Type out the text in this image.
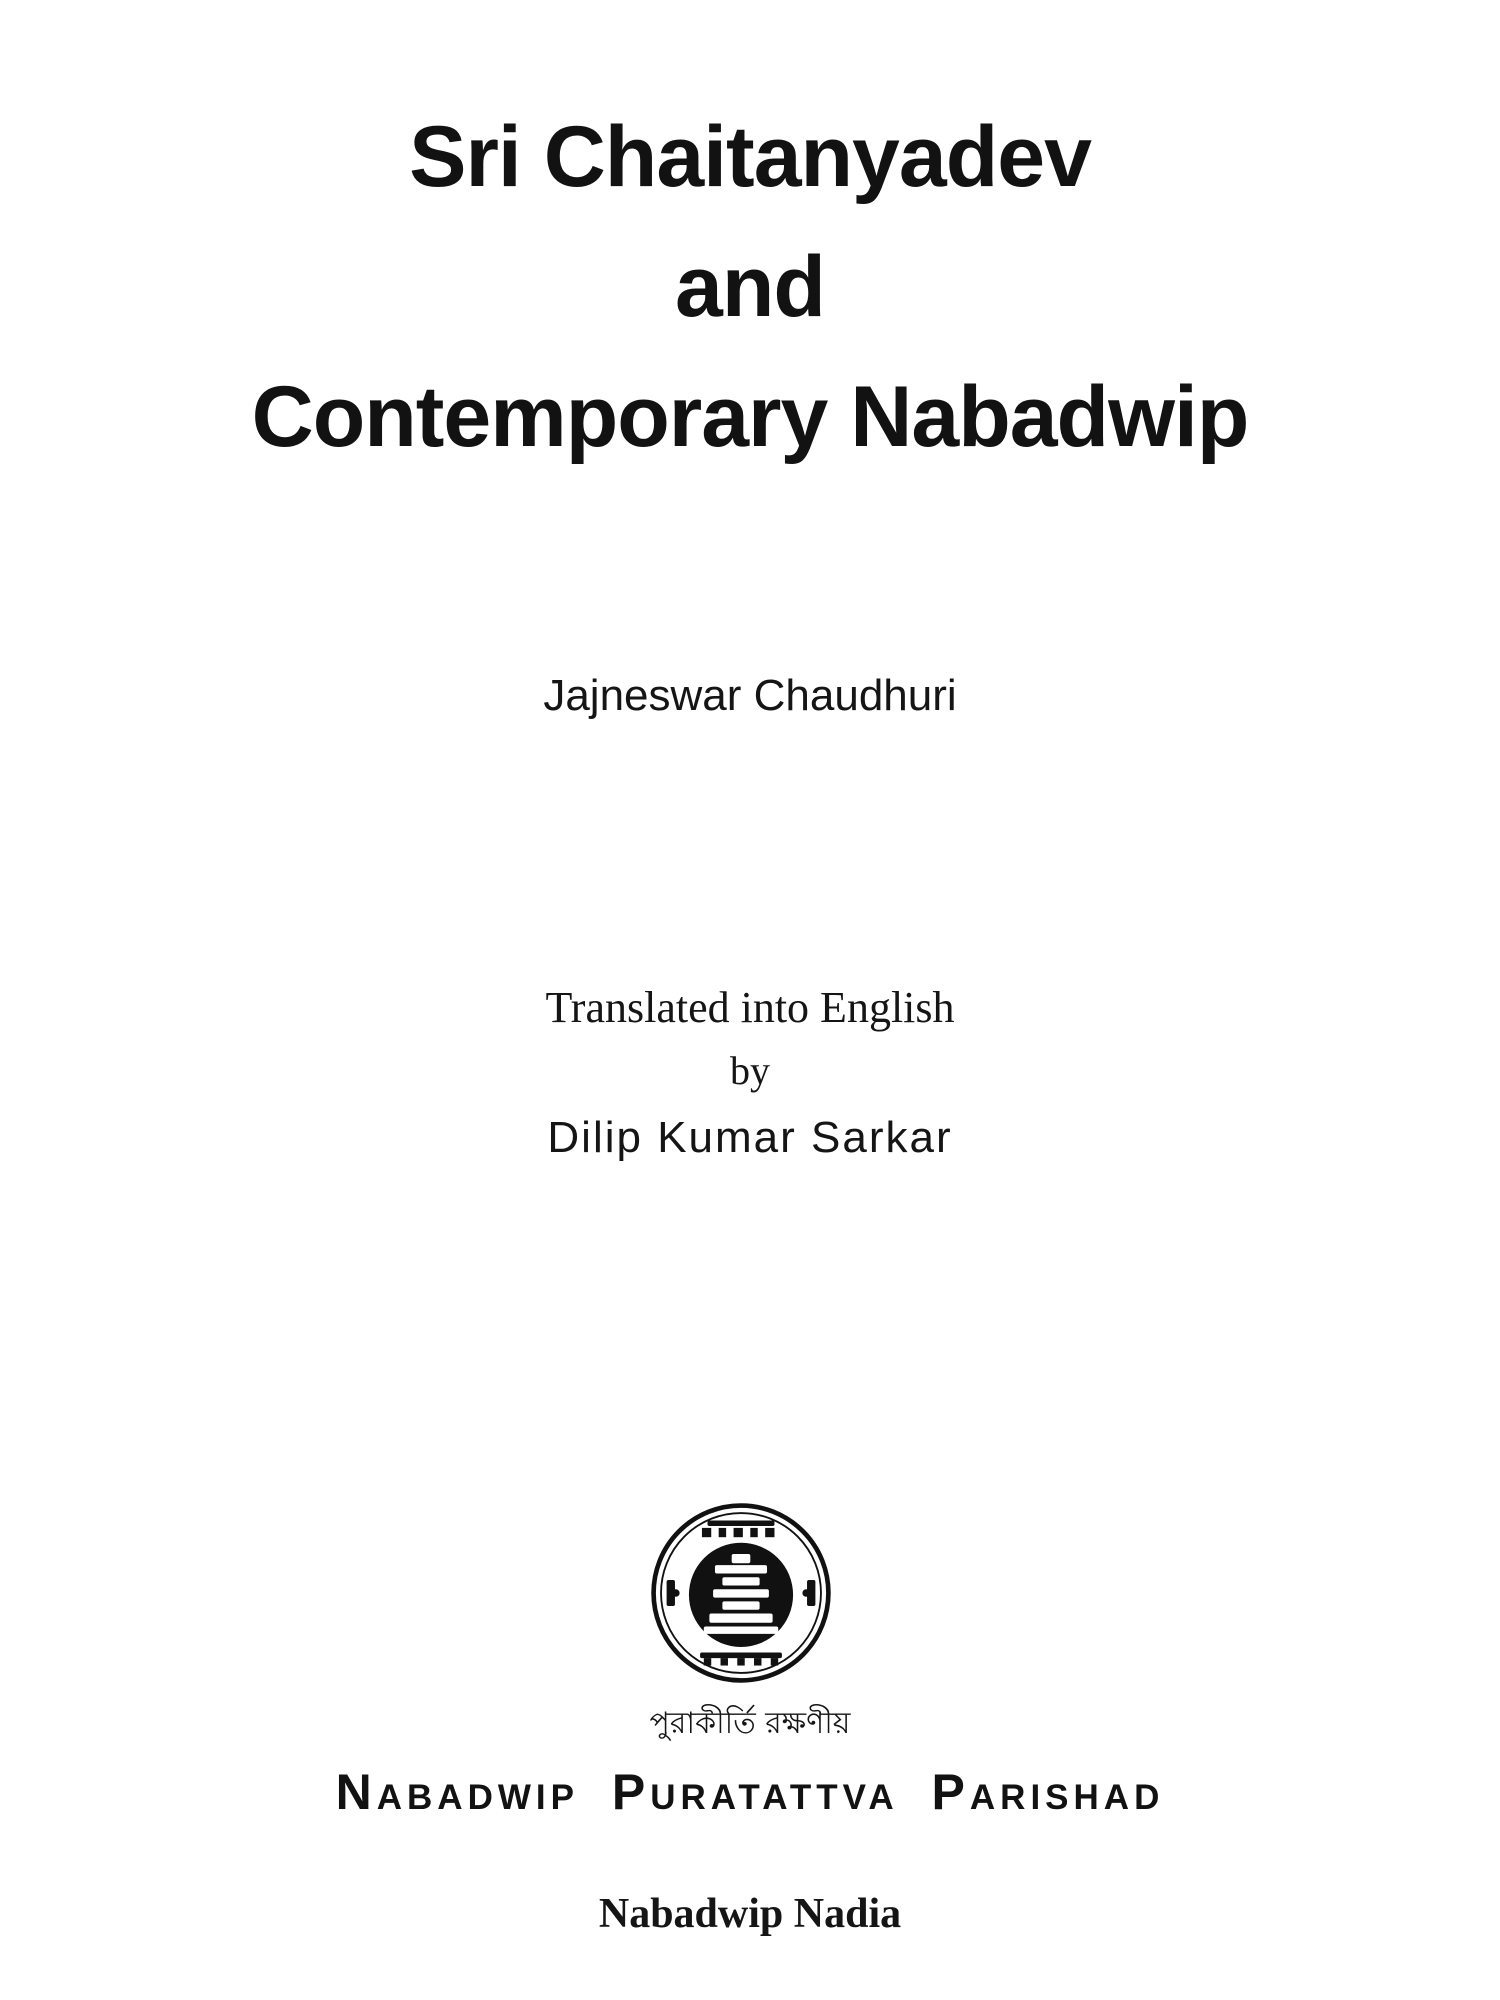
Sri Chaitanyadev
and
Contemporary Nabadwip
Jajneswar Chaudhuri
Translated into English
by
Dilip Kumar Sarkar
পুরাকীর্তি রক্ষণীয়
Nabadwip Puratattva Parishad
Nabadwip Nadia
